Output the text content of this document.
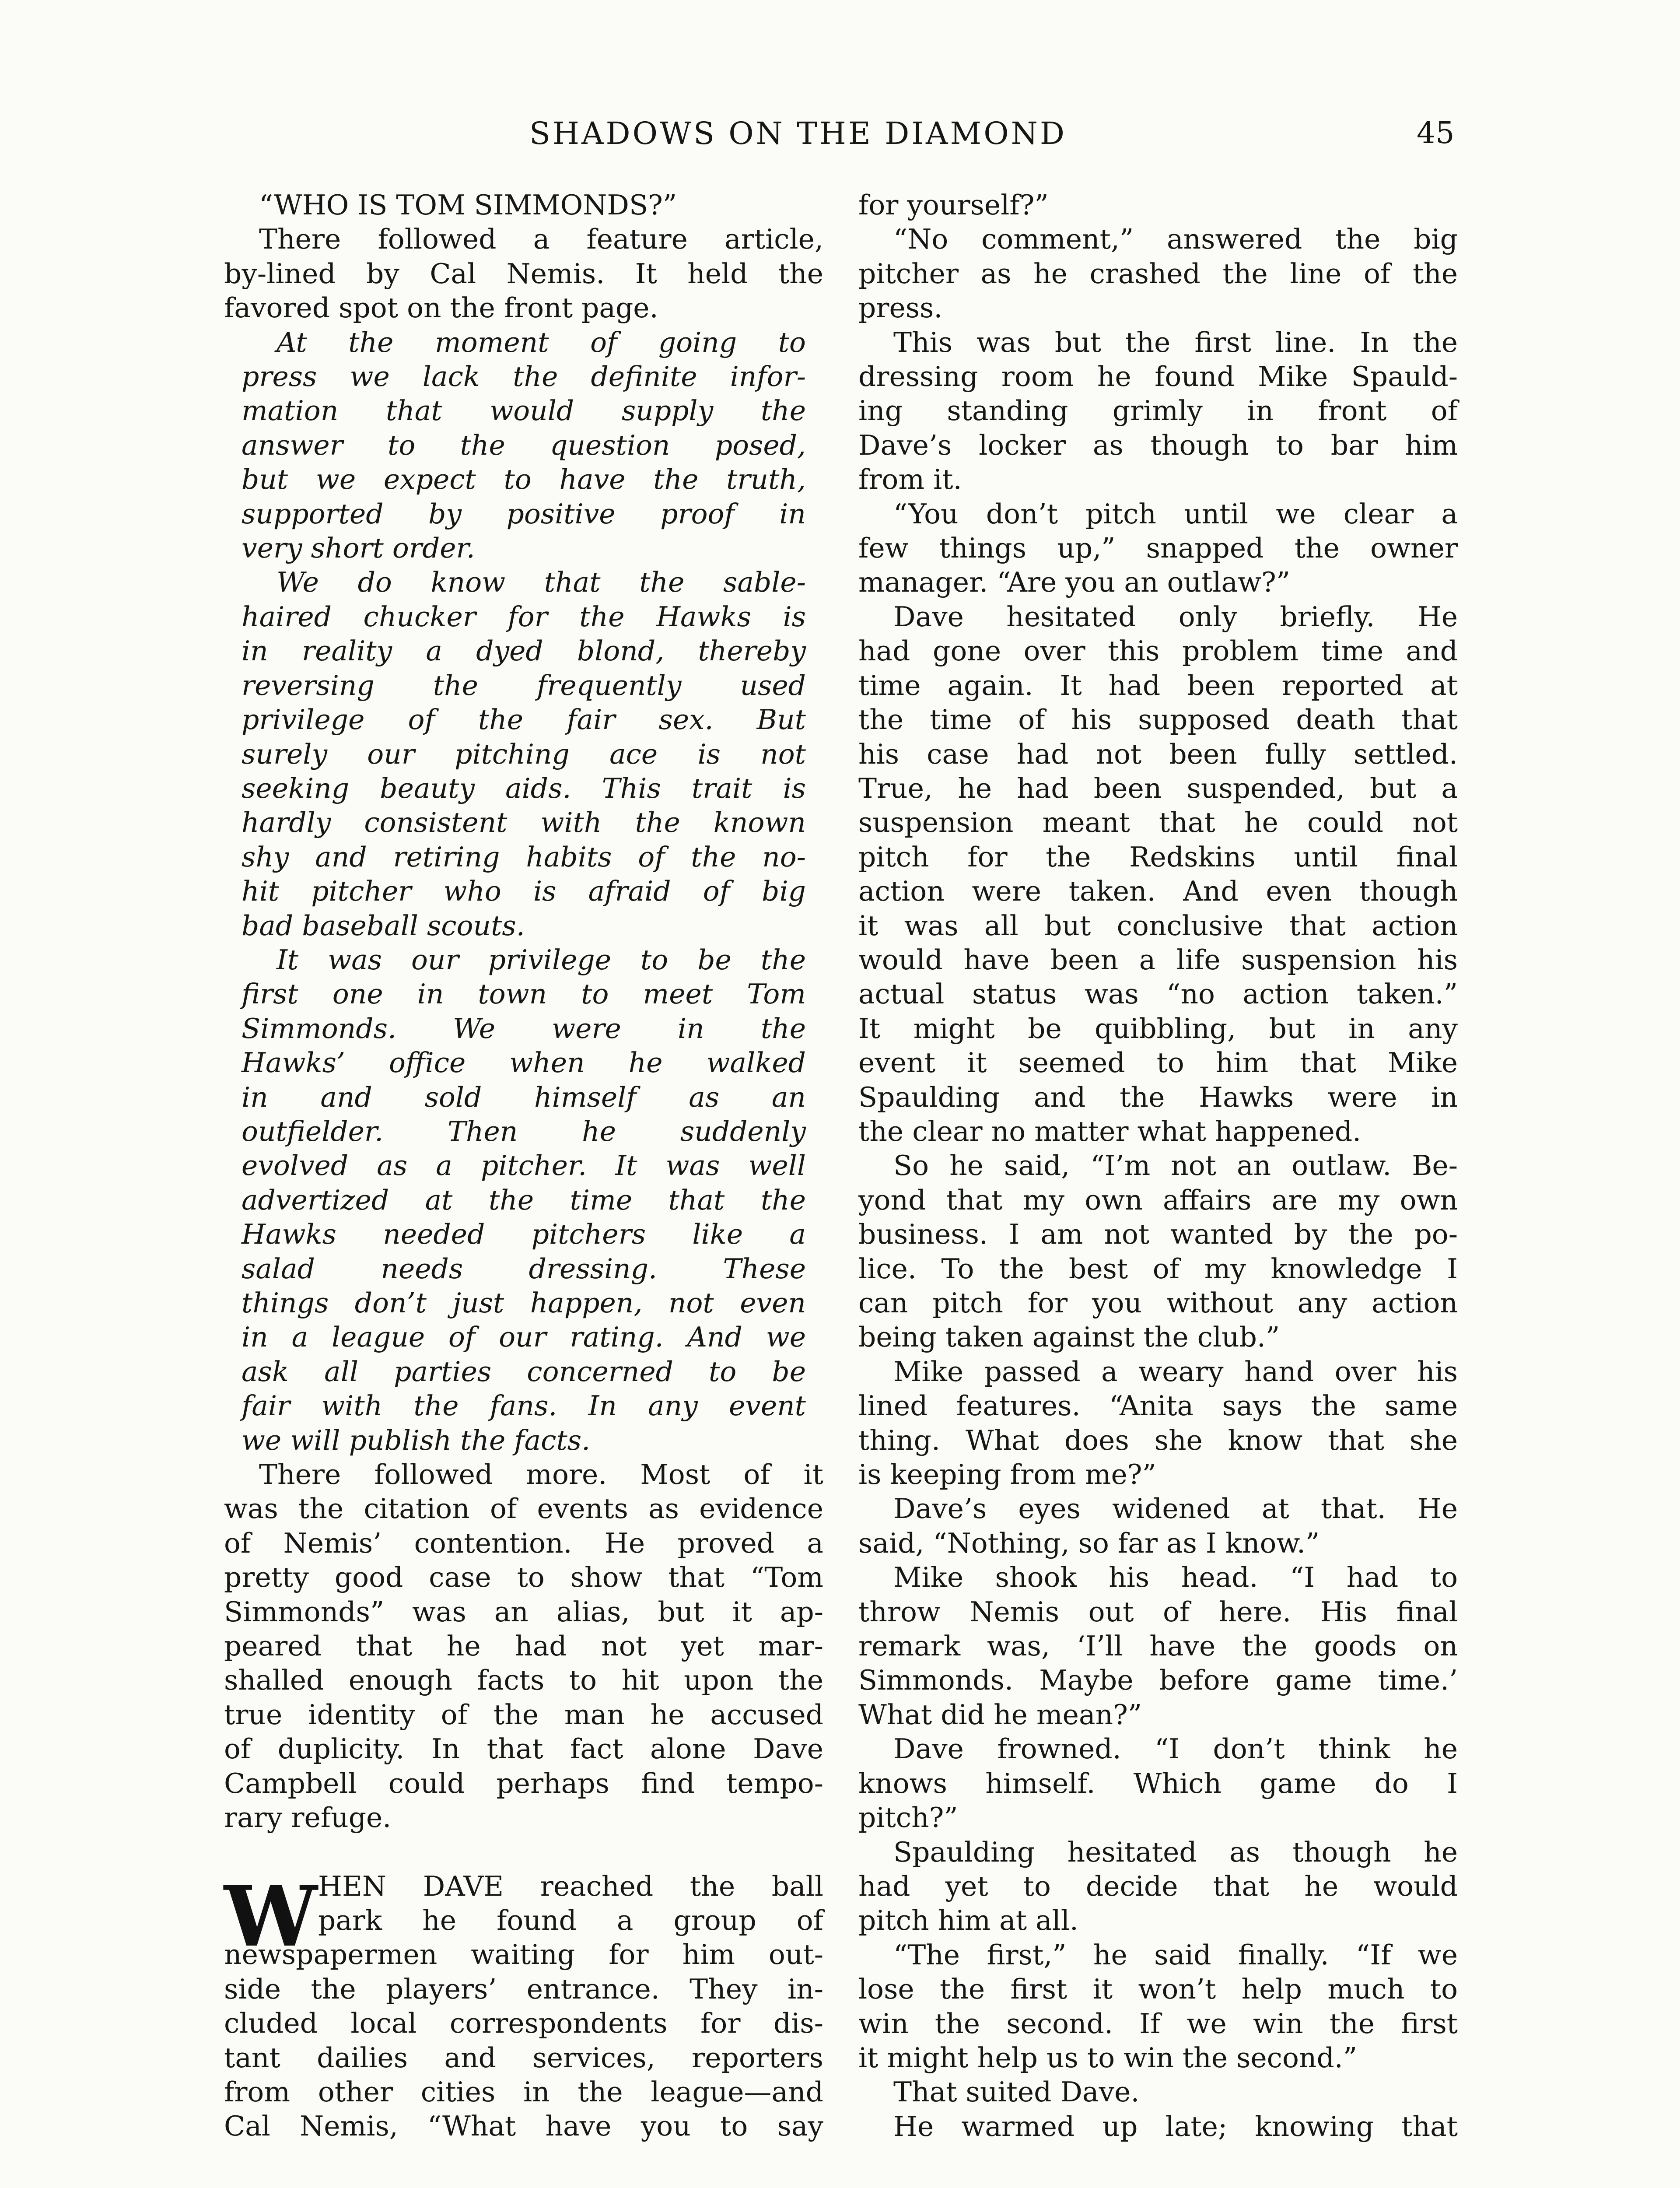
SHADOWS ON THE DIAMOND	45

“WHO IS TOM SIMMONDS?”

There followed a feature article,

by-lined by Cal Nemis. It held the

favored spot on the front page.

At the moment of going to

press we lack the definite infor-

mation that would supply the

answer to the question posed,

but we expect to have the truth,

supported by positive proof in

very short order.

We do know that the sable-

haired chucker for the Hawks is

in reality a dyed blond, thereby

reversing the frequently used

privilege of the fair sex. But

surely our pitching ace is not

seeking beauty aids. This trait is

hardly consistent with the known

shy and retiring habits of the no-

hit pitcher who is afraid of big

bad baseball scouts.

It was our privilege to be the

first one in town to meet Tom

Simmonds. We were in the

Hawks’ office when he walked

in and sold himself as an

outfielder. Then he suddenly

evolved as a pitcher. It was well

advertized at the time that the

Hawks needed pitchers like a

salad needs dressing. These

things don’t just happen, not even

in a league of our rating. And we

ask all parties concerned to be

fair with the fans. In any event

we will publish the facts.

There followed more. Most of it

was the citation of events as evidence

of Nemis’ contention. He proved a

pretty good case to show that “Tom

Simmonds” was an alias, but it ap-

peared that he had not yet mar-

shalled enough facts to hit upon the

true identity of the man he accused

of duplicity. In that fact alone Dave

Campbell could perhaps find tempo-

rary refuge.

HEN DAVE reached the ball

park he found a group of

newspapermen waiting for him out-

side the players’ entrance. They in-

cluded local correspondents for dis-

tant dailies and services, reporters

from other cities in the league—and

Cal Nemis, “What have you to say

W

for yourself?”

“No comment,” answered the big

pitcher as he crashed the line of the

press.

This was but the first line. In the

dressing room he found Mike Spauld-

ing standing grimly in front of

Dave’s locker as though to bar him

from it.

“You don’t pitch until we clear a

few things up,” snapped the owner

manager. “Are you an outlaw?”

Dave hesitated only briefly. He

had gone over this problem time and

time again. It had been reported at

the time of his supposed death that

his case had not been fully settled.

True, he had been suspended, but a

suspension meant that he could not

pitch for the Redskins until final

action were taken. And even though

it was all but conclusive that action

would have been a life suspension his

actual status was “no action taken.”

It might be quibbling, but in any

event it seemed to him that Mike

Spaulding and the Hawks were in

the clear no matter what happened.

So he said, “I’m not an outlaw. Be-

yond that my own affairs are my own

business. I am not wanted by the po-

lice. To the best of my knowledge I

can pitch for you without any action

being taken against the club.”

Mike passed a weary hand over his

lined features. “Anita says the same

thing. What does she know that she

is keeping from me?”

Dave’s eyes widened at that. He

said, “Nothing, so far as I know.”

Mike shook his head. “I had to

throw Nemis out of here. His final

remark was, ‘I’ll have the goods on

Simmonds. Maybe before game time.’

What did he mean?”

Dave frowned. “I don’t think he

knows himself. Which game do I

pitch?”

Spaulding hesitated as though he

had yet to decide that he would

pitch him at all.

“The first,” he said finally. “If we

lose the first it won’t help much to

win the second. If we win the first

it might help us to win the second.”

That suited Dave.

He warmed up late; knowing that
